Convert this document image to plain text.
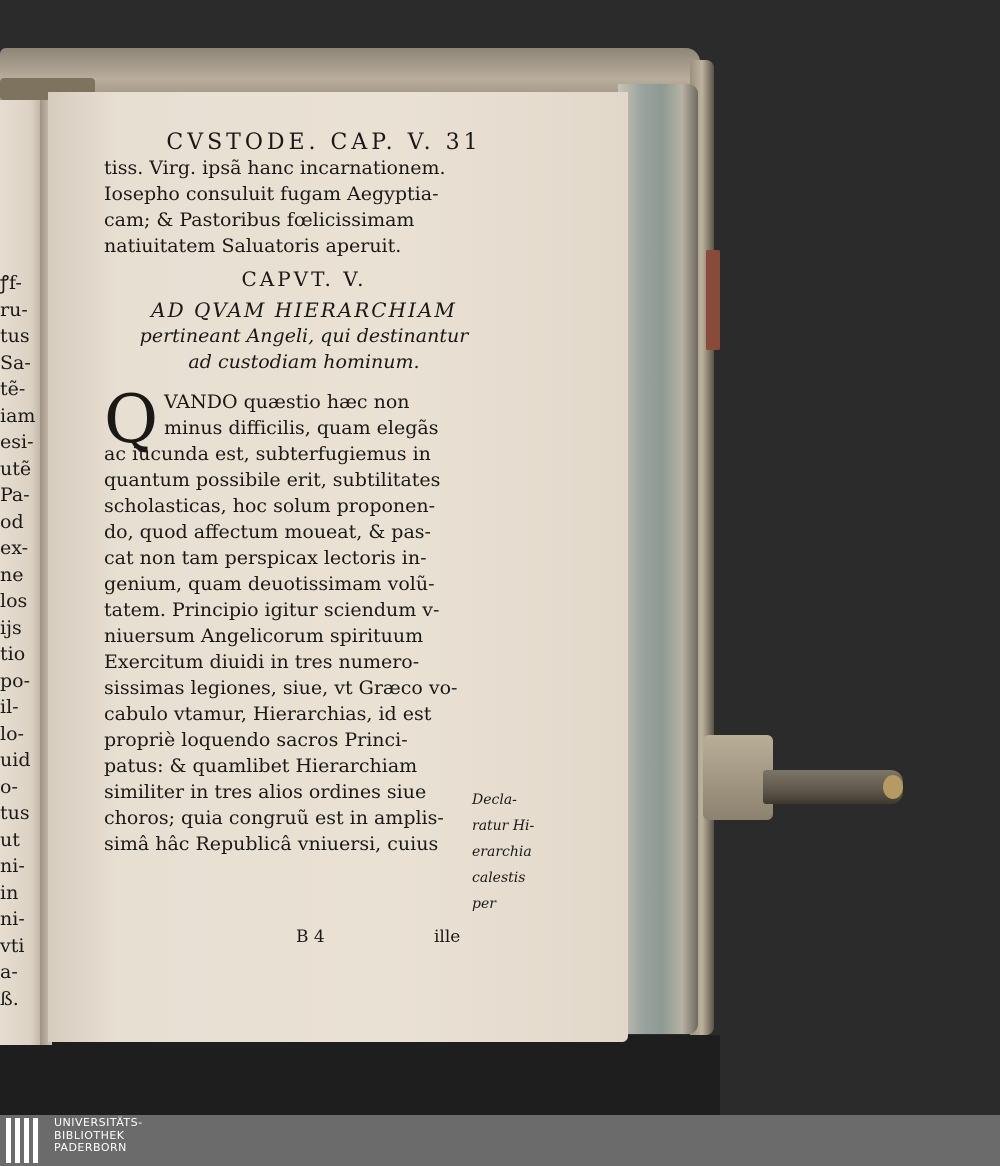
ꝭf-
ru-
tus
Sa-
tẽ-
iam
esi-
utẽ
Pa-
od
ex-
ne
los
ijs
tio
po-
il-
lo-
uid
o-
tus
ut
ni-
in
ni-
vti
a-
ß.
CVSTODE. CAP. V. 31
tiss. Virg. ipsã hanc incarnationem.
Iosepho consuluit fugam Aegyptia-
cam; & Pastoribus fœlicissimam
natiuitatem Saluatoris aperuit.
CAPVT. V.
AD QVAM HIERARCHIAM
pertineant Angeli, qui destinantur
ad custodiam hominum.
Q VANDO quæstio hæc non
minus difficilis, quam elegãs
ac iucunda est, subterfugiemus in
quantum possibile erit, subtilitates
scholasticas, hoc solum proponen-
do, quod affectum moueat, & pas-
cat non tam perspicax lectoris in-
genium, quam deuotissimam volũ-
tatem. Principio igitur sciendum v-
niuersum Angelicorum spirituum
Exercitum diuidi in tres numero-
sissimas legiones, siue, vt Græco vo-
cabulo vtamur, Hierarchias, id est
propriè loquendo sacros Princi-
patus: & quamlibet Hierarchiam
similiter in tres alios ordines siue
choros; quia congruũ est in amplis-
simâ hâc Republicâ vniuersi, cuius
Decla-
ratur Hi-
erarchia
calestis
per
B 4	ille
UNIVERSITÄTS-
BIBLIOTHEK
PADERBORN
